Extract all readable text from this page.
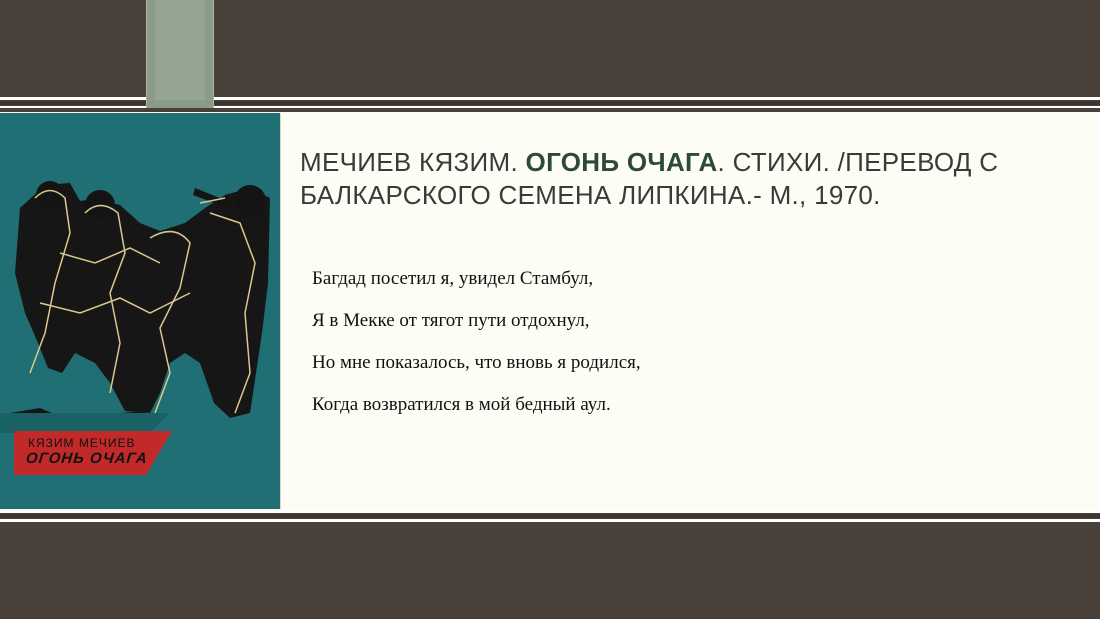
КЯЗИМ МЕЧИЕВ
ОГОНЬ ОЧАГА
МЕЧИЕВ КЯЗИМ. ОГОНЬ ОЧАГА. СТИХИ. /ПЕРЕВОД С
БАЛКАРСКОГО СЕМЕНА ЛИПКИНА.- М., 1970.
Багдад посетил я, увидел Стамбул,
Я в Мекке от тягот пути отдохнул,
Но мне показалось, что вновь я родился,
Когда возвратился в мой бедный аул.
